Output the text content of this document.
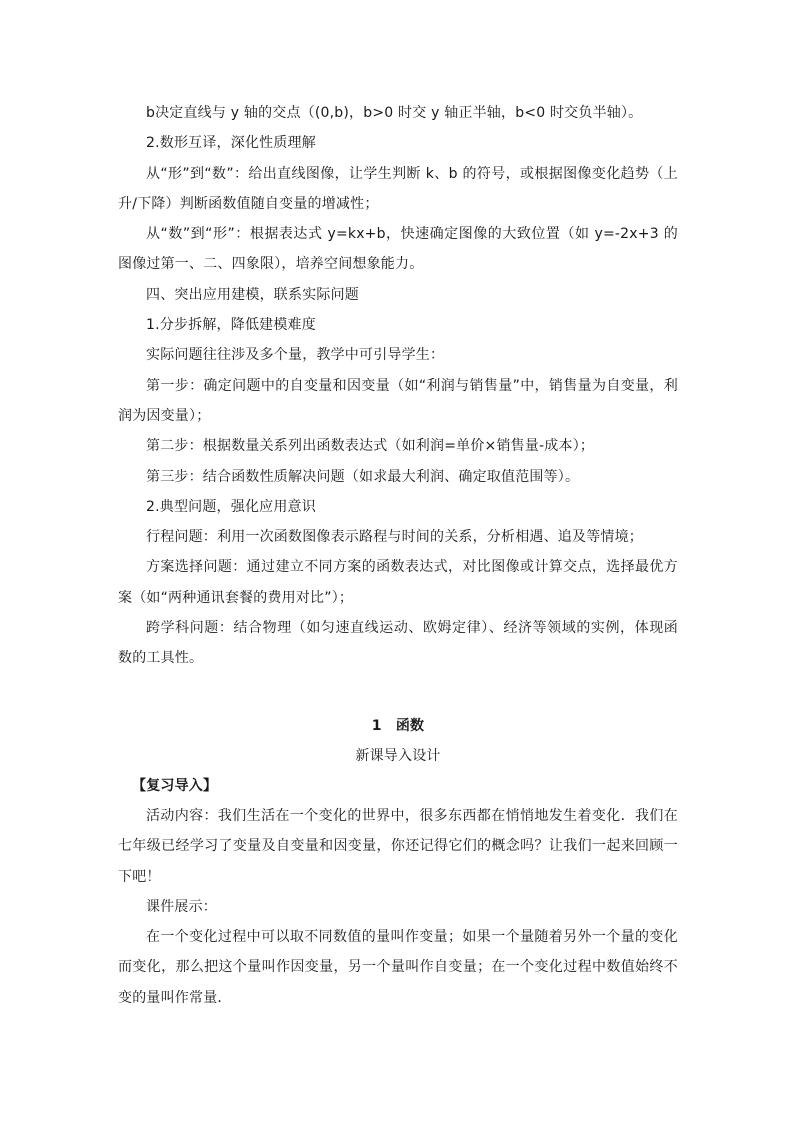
b决定直线与 y 轴的交点（(0,b)，b>0 时交 y 轴正半轴，b<0 时交负半轴）。

2.数形互译，深化性质理解

从“形”到“数”：给出直线图像，让学生判断 k、b 的符号，或根据图像变化趋势（上升/下降）判断函数值随自变量的增减性；

从“数”到“形”：根据表达式 y=kx+b，快速确定图像的大致位置（如 y=-2x+3 的图像过第一、二、四象限），培养空间想象能力。

四、突出应用建模，联系实际问题

1.分步拆解，降低建模难度

实际问题往往涉及多个量，教学中可引导学生：

第一步：确定问题中的自变量和因变量（如“利润与销售量”中，销售量为自变量，利润为因变量）；

第二步：根据数量关系列出函数表达式（如利润=单价×销售量-成本）；

第三步：结合函数性质解决问题（如求最大利润、确定取值范围等）。

2.典型问题，强化应用意识

行程问题：利用一次函数图像表示路程与时间的关系，分析相遇、追及等情境；

方案选择问题：通过建立不同方案的函数表达式，对比图像或计算交点，选择最优方案（如“两种通讯套餐的费用对比”）；

跨学科问题：结合物理（如匀速直线运动、欧姆定律）、经济等领域的实例，体现函数的工具性。

1　函数

新课导入设计

【复习导入】

活动内容：我们生活在一个变化的世界中，很多东西都在悄悄地发生着变化．我们在七年级已经学习了变量及自变量和因变量，你还记得它们的概念吗？让我们一起来回顾一下吧！

课件展示：

在一个变化过程中可以取不同数值的量叫作变量；如果一个量随着另外一个量的变化而变化，那么把这个量叫作因变量，另一个量叫作自变量；在一个变化过程中数值始终不变的量叫作常量．
